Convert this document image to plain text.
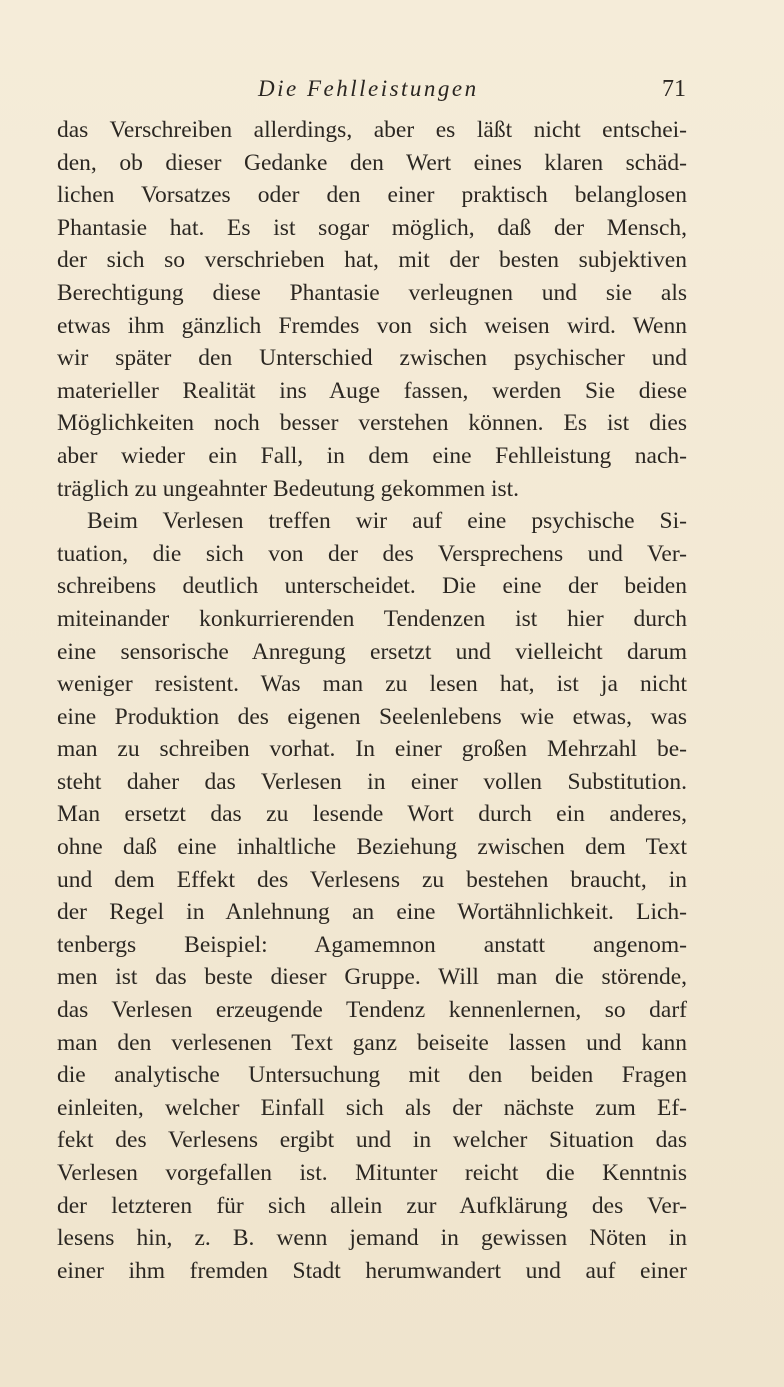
Die Fehlleistungen	71
das Verschreiben allerdings, aber es läßt nicht entschei-
den, ob dieser Gedanke den Wert eines klaren schäd-
lichen Vorsatzes oder den einer praktisch belanglosen
Phantasie hat. Es ist sogar möglich, daß der Mensch,
der sich so verschrieben hat, mit der besten subjektiven
Berechtigung diese Phantasie verleugnen und sie als
etwas ihm gänzlich Fremdes von sich weisen wird. Wenn
wir später den Unterschied zwischen psychischer und
materieller Realität ins Auge fassen, werden Sie diese
Möglichkeiten noch besser verstehen können. Es ist dies
aber wieder ein Fall, in dem eine Fehlleistung nach-
träglich zu ungeahnter Bedeutung gekommen ist.
Beim Verlesen treffen wir auf eine psychische Si-
tuation, die sich von der des Versprechens und Ver-
schreibens deutlich unterscheidet. Die eine der beiden
miteinander konkurrierenden Tendenzen ist hier durch
eine sensorische Anregung ersetzt und vielleicht darum
weniger resistent. Was man zu lesen hat, ist ja nicht
eine Produktion des eigenen Seelenlebens wie etwas, was
man zu schreiben vorhat. In einer großen Mehrzahl be-
steht daher das Verlesen in einer vollen Substitution.
Man ersetzt das zu lesende Wort durch ein anderes,
ohne daß eine inhaltliche Beziehung zwischen dem Text
und dem Effekt des Verlesens zu bestehen braucht, in
der Regel in Anlehnung an eine Wortähnlichkeit. Lich-
tenbergs Beispiel: Agamemnon anstatt angenom-
men ist das beste dieser Gruppe. Will man die störende,
das Verlesen erzeugende Tendenz kennenlernen, so darf
man den verlesenen Text ganz beiseite lassen und kann
die analytische Untersuchung mit den beiden Fragen
einleiten, welcher Einfall sich als der nächste zum Ef-
fekt des Verlesens ergibt und in welcher Situation das
Verlesen vorgefallen ist. Mitunter reicht die Kenntnis
der letzteren für sich allein zur Aufklärung des Ver-
lesens hin, z. B. wenn jemand in gewissen Nöten in
einer ihm fremden Stadt herumwandert und auf einer
